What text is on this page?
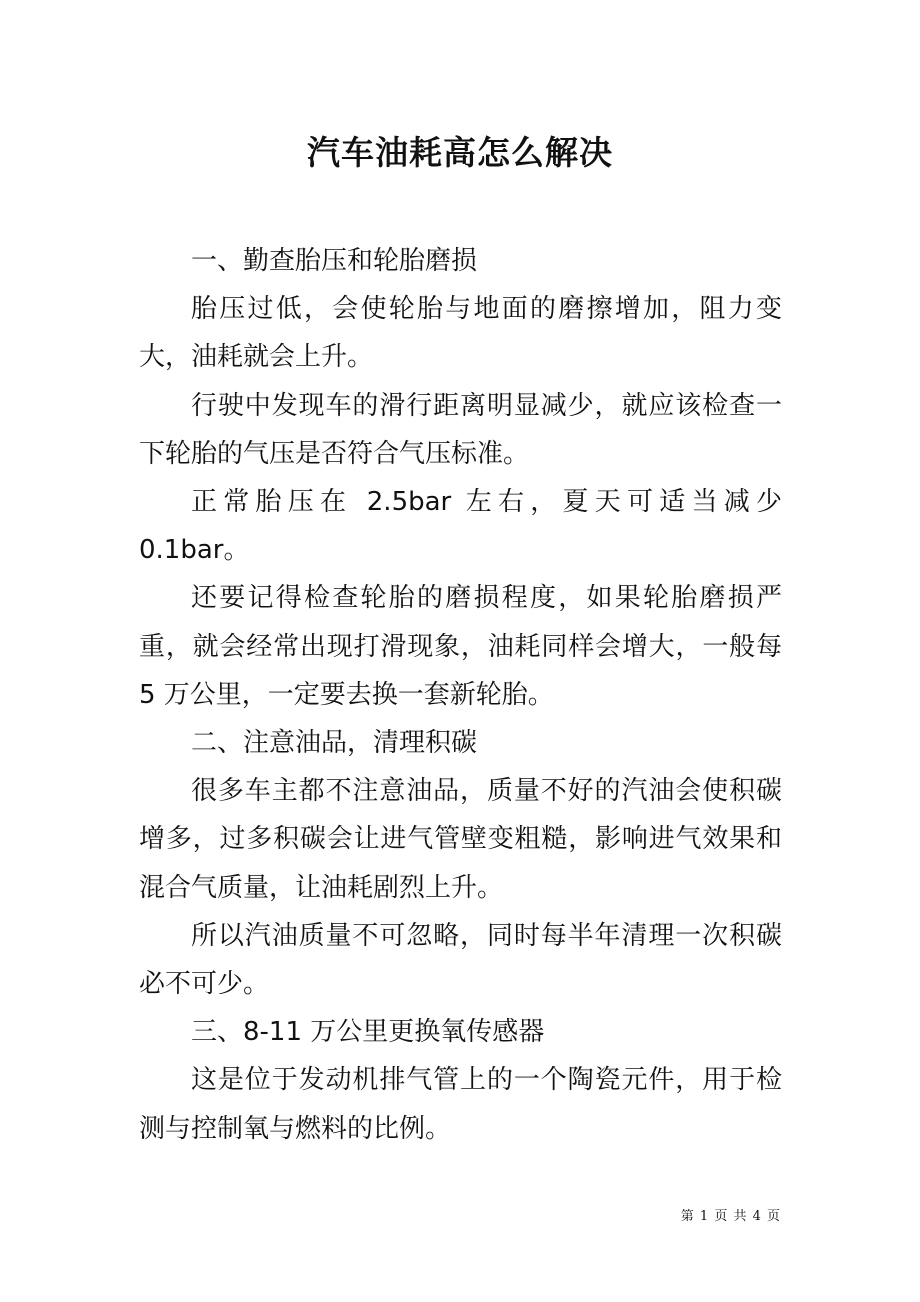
汽车油耗高怎么解决

一、勤查胎压和轮胎磨损

胎压过低，会使轮胎与地面的磨擦增加，阻力变大，油耗就会上升。

行驶中发现车的滑行距离明显减少，就应该检查一下轮胎的气压是否符合气压标准。

正常胎压在 2.5bar 左右，夏天可适当减少 0.1bar。

还要记得检查轮胎的磨损程度，如果轮胎磨损严重，就会经常出现打滑现象，油耗同样会增大，一般每 5 万公里，一定要去换一套新轮胎。

二、注意油品，清理积碳

很多车主都不注意油品，质量不好的汽油会使积碳增多，过多积碳会让进气管壁变粗糙，影响进气效果和混合气质量，让油耗剧烈上升。

所以汽油质量不可忽略，同时每半年清理一次积碳必不可少。

三、8-11 万公里更换氧传感器

这是位于发动机排气管上的一个陶瓷元件，用于检测与控制氧与燃料的比例。

第 1 页 共 4 页
